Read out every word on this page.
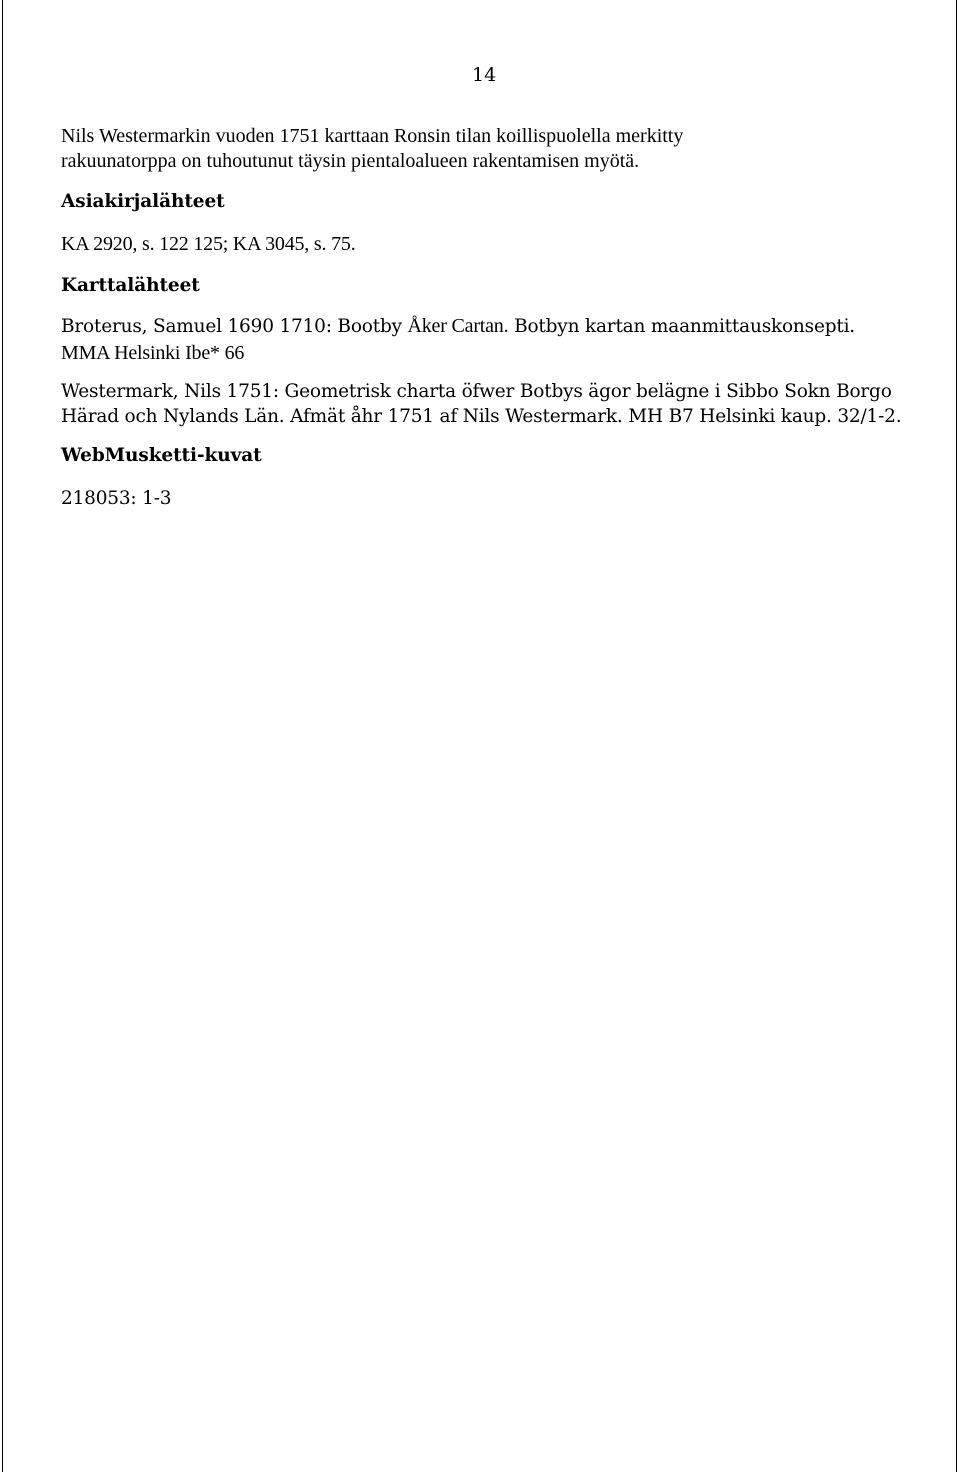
14

Nils Westermarkin vuoden 1751 karttaan Ronsin tilan koillispuolella merkitty

rakuunatorppa on tuhoutunut täysin pientaloalueen rakentamisen myötä.

Asiakirjalähteet

KA 2920, s. 122 125; KA 3045, s. 75.

Karttalähteet

Broterus, Samuel 1690 1710: Bootby Åker Cartan. Botbyn kartan maanmittauskonsepti.

MMA Helsinki Ibe* 66

Westermark, Nils 1751: Geometrisk charta öfwer Botbys ägor belägne i Sibbo Sokn Borgo

Härad och Nylands Län. Afmät åhr 1751 af Nils Westermark. MH B7 Helsinki kaup. 32/1-2.

WebMusketti-kuvat

218053: 1-3
